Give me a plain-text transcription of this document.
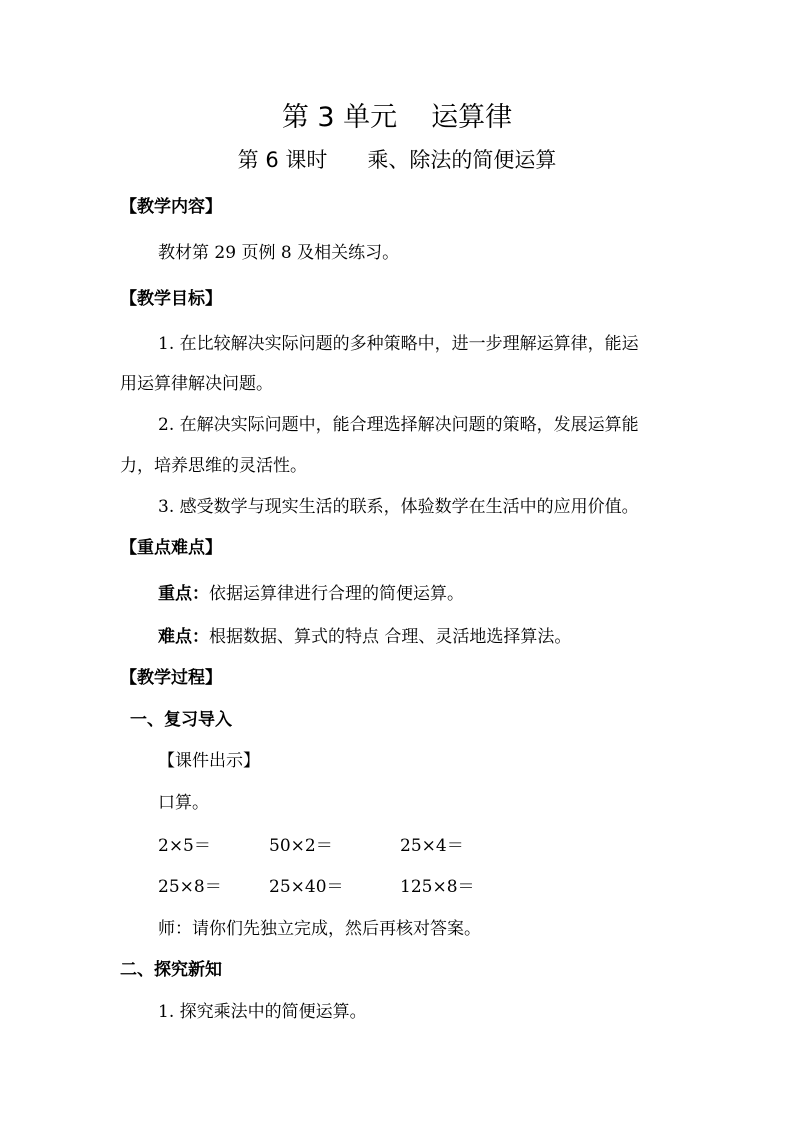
第 3 单元 运算律
第 6 课时 乘、除法的简便运算
【教学内容】
教材第 29 页例 8 及相关练习。
【教学目标】
1. 在比较解决实际问题的多种策略中，进一步理解运算律，能运
用运算律解决问题。
2. 在解决实际问题中，能合理选择解决问题的策略，发展运算能
力，培养思维的灵活性。
3. 感受数学与现实生活的联系，体验数学在生活中的应用价值。
【重点难点】
重点：依据运算律进行合理的简便运算。
难点：根据数据、算式的特点 合理、灵活地选择算法。
【教学过程】
一、复习导入
【课件出示】
口算。
2×5＝	50×2＝	25×4＝
25×8＝	25×40＝	125×8＝
师：请你们先独立完成，然后再核对答案。
二、探究新知
1. 探究乘法中的简便运算。
